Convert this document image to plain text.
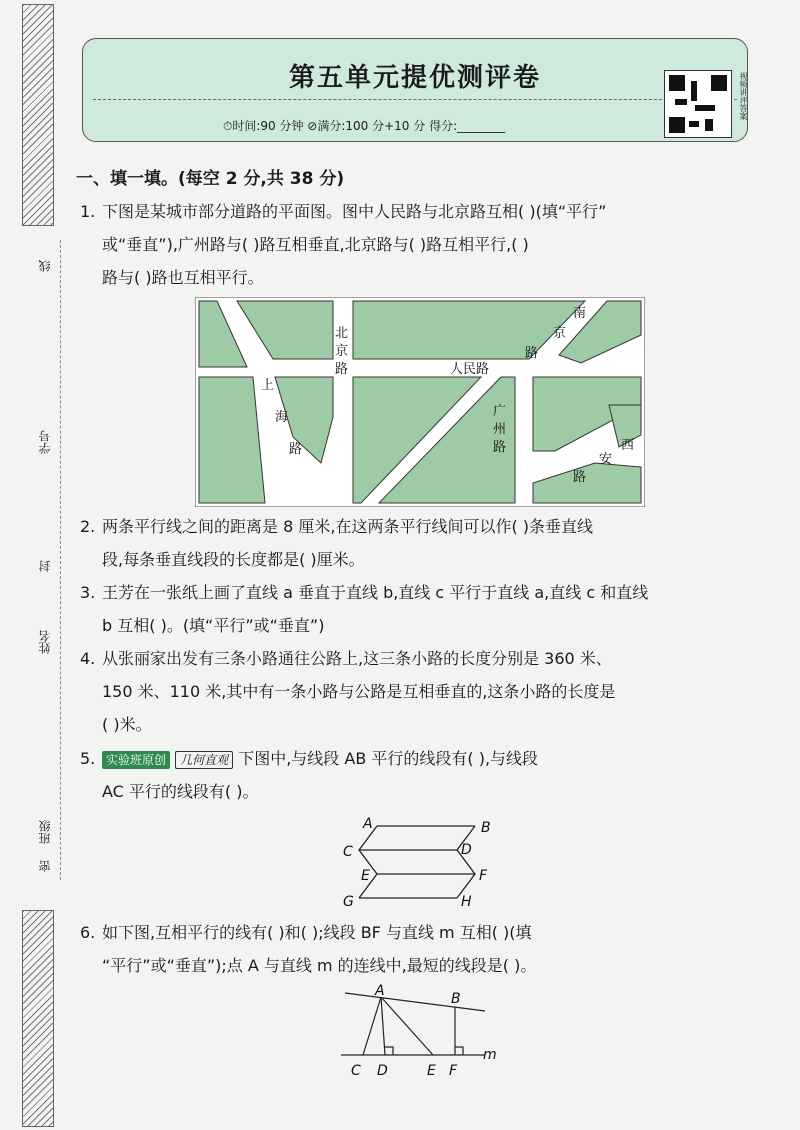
线
学号
封
姓名
班级
密
第五单元提优测评卷
⏱时间:90 分钟 ⊘满分:100 分+10 分 得分:________
视频讲评答案
一、填一填。(每空 2 分,共 38 分)
1. 下图是某城市部分道路的平面图。图中人民路与北京路互相( )(填“平行”
或“垂直”),广州路与( )路互相垂直,北京路与( )路互相平行,( )
路与( )路也互相平行。
北
京
路	人民路
南
京
路
上
海
路
广
州
路	西
安
路
2. 两条平行线之间的距离是 8 厘米,在这两条平行线间可以作( )条垂直线
段,每条垂直线段的长度都是( )厘米。
3. 王芳在一张纸上画了直线 a 垂直于直线 b,直线 c 平行于直线 a,直线 c 和直线
b 互相( )。(填“平行”或“垂直”)
4. 从张丽家出发有三条小路通往公路上,这三条小路的长度分别是 360 米、
150 米、110 米,其中有一条小路与公路是互相垂直的,这条小路的长度是
( )米。
5. 实验班原创 几何直观 下图中,与线段 AB 平行的线段有( ),与线段
AC 平行的线段有( )。
A	B
C	D
E	F
G	H
6. 如下图,互相平行的线有( )和( );线段 BF 与直线 m 互相( )(填
“平行”或“垂直”);点 A 与直线 m 的连线中,最短的线段是( )。
A	B
C D	E F
m
